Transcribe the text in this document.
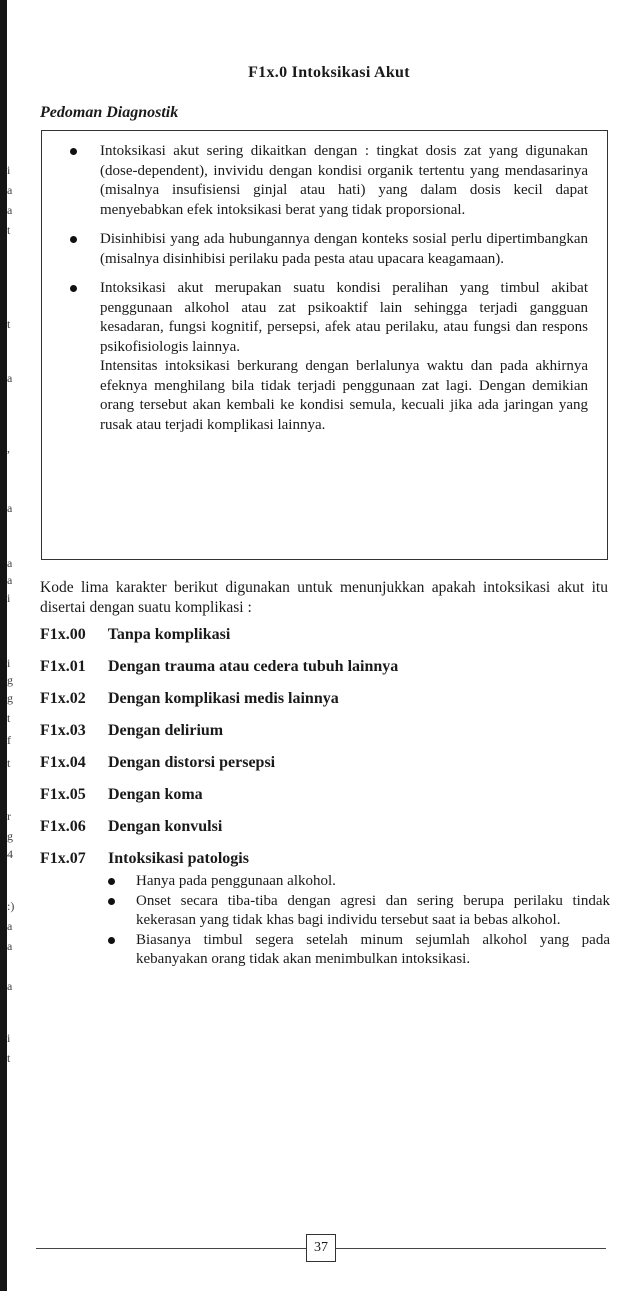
i
a
a
t
t
a
,
a
a
a
i
i
g
g
t
f
t
r
g
4
:)
a
a
a
i
t
F1x.0 Intoksikasi Akut
Pedoman Diagnostik
Intoksikasi akut sering dikaitkan dengan : tingkat dosis zat yang digunakan (dose-dependent), invividu dengan kondisi organik tertentu yang mendasarinya (misalnya insufisiensi ginjal atau hati) yang dalam dosis kecil dapat menyebabkan efek intoksikasi berat yang tidak proporsional.
Disinhibisi yang ada hubungannya dengan konteks sosial perlu dipertimbangkan (misalnya disinhibisi perilaku pada pesta atau upacara keagamaan).
Intoksikasi akut merupakan suatu kondisi peralihan yang timbul akibat penggunaan alkohol atau zat psikoaktif lain sehingga terjadi gangguan kesadaran, fungsi kognitif, persepsi, afek atau perilaku, atau fungsi dan respons psikofisiologis lainnya.
Intensitas intoksikasi berkurang dengan berlalunya waktu dan pada akhirnya efeknya menghilang bila tidak terjadi penggunaan zat lagi. Dengan demikian orang tersebut akan kembali ke kondisi semula, kecuali jika ada jaringan yang rusak atau terjadi komplikasi lainnya.
Kode lima karakter berikut digunakan untuk menunjukkan apakah intoksikasi akut itu disertai dengan suatu komplikasi :
F1x.00 Tanpa komplikasi
F1x.01 Dengan trauma atau cedera tubuh lainnya
F1x.02 Dengan komplikasi medis lainnya
F1x.03 Dengan delirium
F1x.04 Dengan distorsi persepsi
F1x.05 Dengan koma
F1x.06 Dengan konvulsi
F1x.07 Intoksikasi patologis
Hanya pada penggunaan alkohol.
Onset secara tiba-tiba dengan agresi dan sering berupa perilaku tindak kekerasan yang tidak khas bagi individu tersebut saat ia bebas alkohol.
Biasanya timbul segera setelah minum sejumlah alkohol yang pada kebanyakan orang tidak akan menimbulkan intoksikasi.
37
